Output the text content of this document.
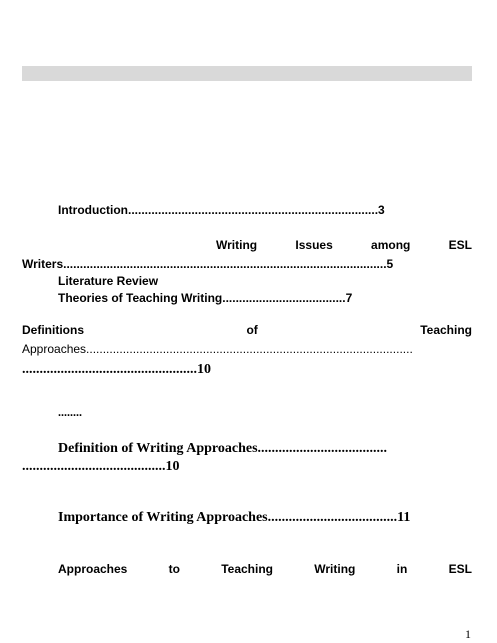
Introduction...........................................................................3
Writing	Issues	among	ESL
Writers.................................................................................................5
Literature Review
Theories of Teaching Writing.....................................7
Definitions	of	Teaching
Approaches..................................................................................................
..................................................10
........
Definition of Writing Approaches.....................................
.........................................10
Importance of Writing Approaches.....................................11
Approaches	to	Teaching	Writing	in	ESL
1
